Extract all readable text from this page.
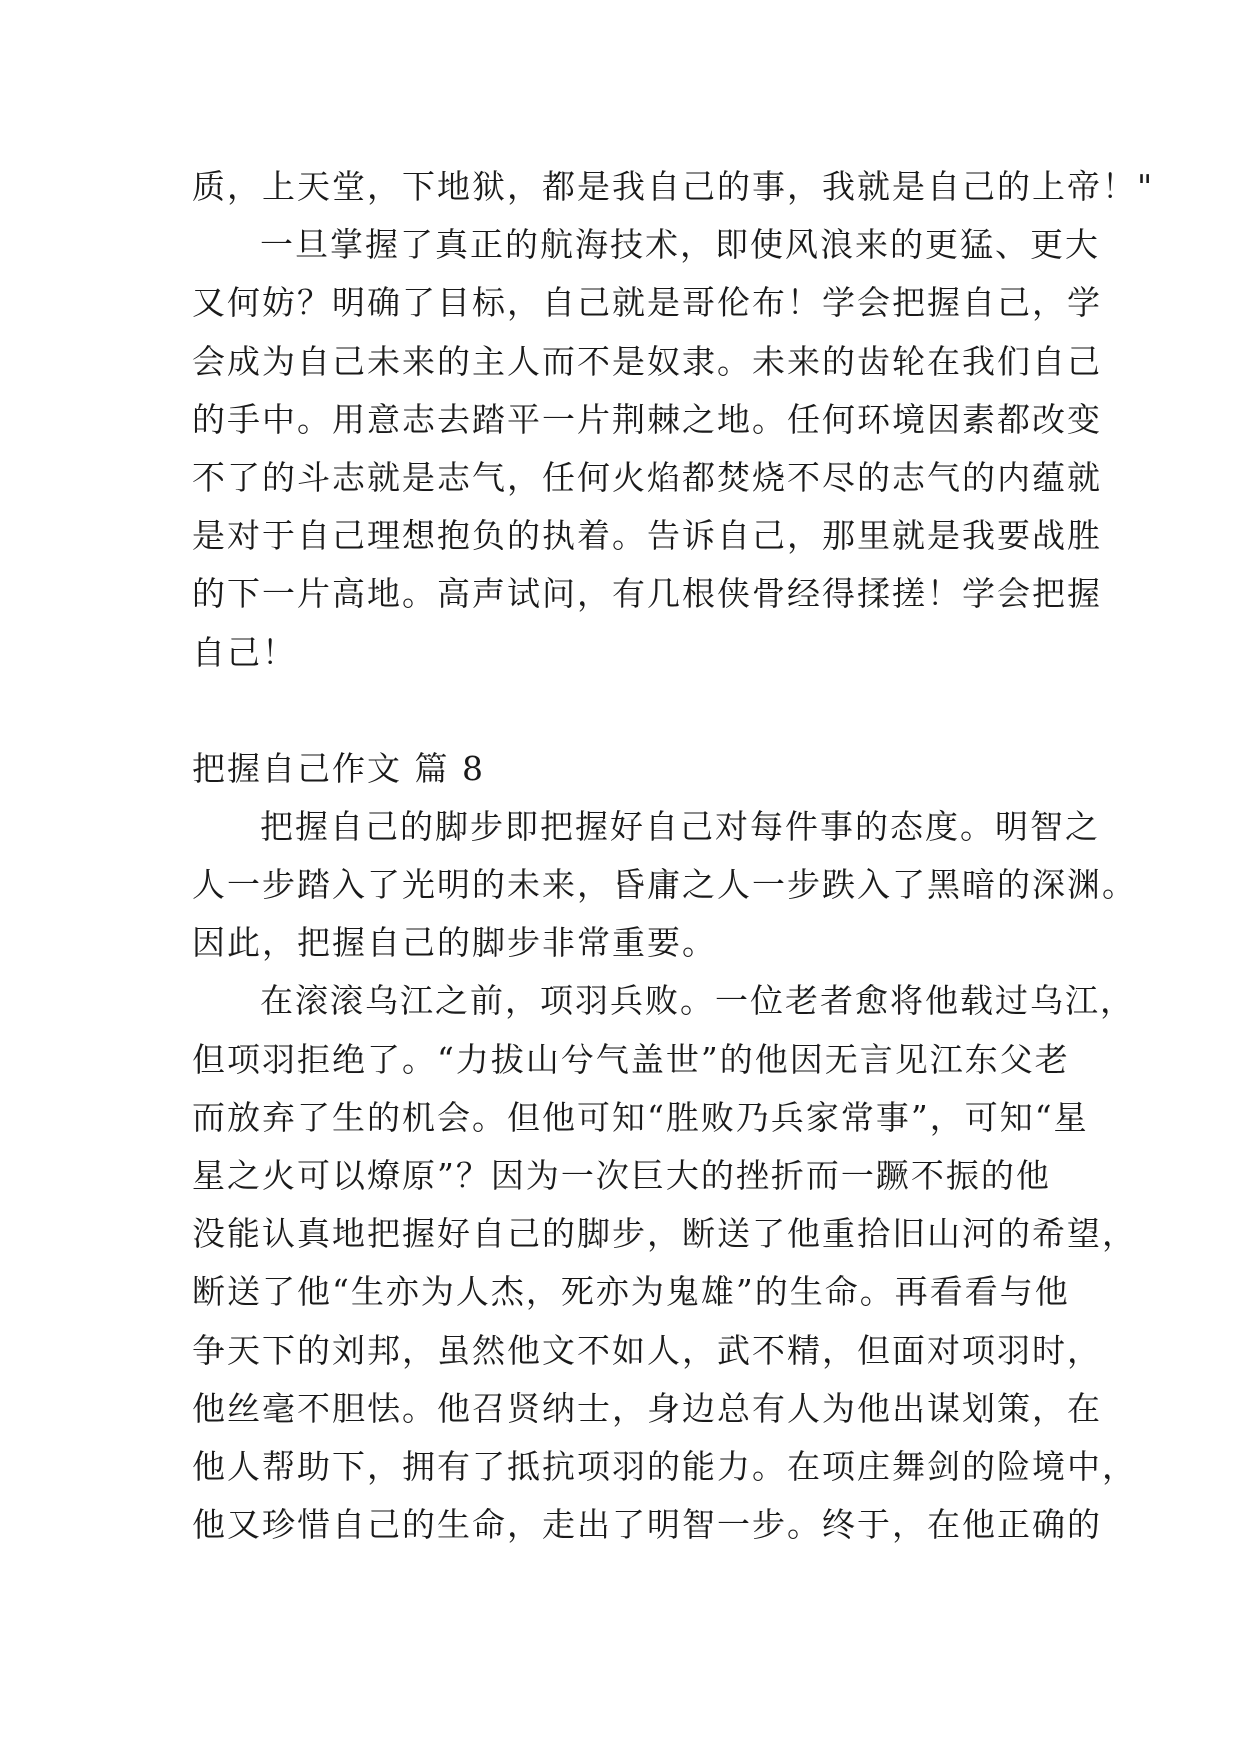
质，上天堂，下地狱，都是我自己的事，我就是自己的上帝！"
一旦掌握了真正的航海技术，即使风浪来的更猛、更大
又何妨？明确了目标，自己就是哥伦布！学会把握自己，学
会成为自己未来的主人而不是奴隶。未来的齿轮在我们自己
的手中。用意志去踏平一片荆棘之地。任何环境因素都改变
不了的斗志就是志气，任何火焰都焚烧不尽的志气的内蕴就
是对于自己理想抱负的执着。告诉自己，那里就是我要战胜
的下一片高地。高声试问，有几根侠骨经得揉搓！学会把握
自己！
把握自己作文 篇 8
把握自己的脚步即把握好自己对每件事的态度。明智之
人一步踏入了光明的未来，昏庸之人一步跌入了黑暗的深渊。
因此，把握自己的脚步非常重要。
在滚滚乌江之前，项羽兵败。一位老者愈将他载过乌江，
但项羽拒绝了。“力拔山兮气盖世”的他因无言见江东父老
而放弃了生的机会。但他可知“胜败乃兵家常事”，可知“星
星之火可以燎原”？因为一次巨大的挫折而一蹶不振的他
没能认真地把握好自己的脚步，断送了他重拾旧山河的希望，
断送了他“生亦为人杰，死亦为鬼雄”的生命。再看看与他
争天下的刘邦，虽然他文不如人，武不精，但面对项羽时，
他丝毫不胆怯。他召贤纳士，身边总有人为他出谋划策，在
他人帮助下，拥有了抵抗项羽的能力。在项庄舞剑的险境中，
他又珍惜自己的生命，走出了明智一步。终于，在他正确的
